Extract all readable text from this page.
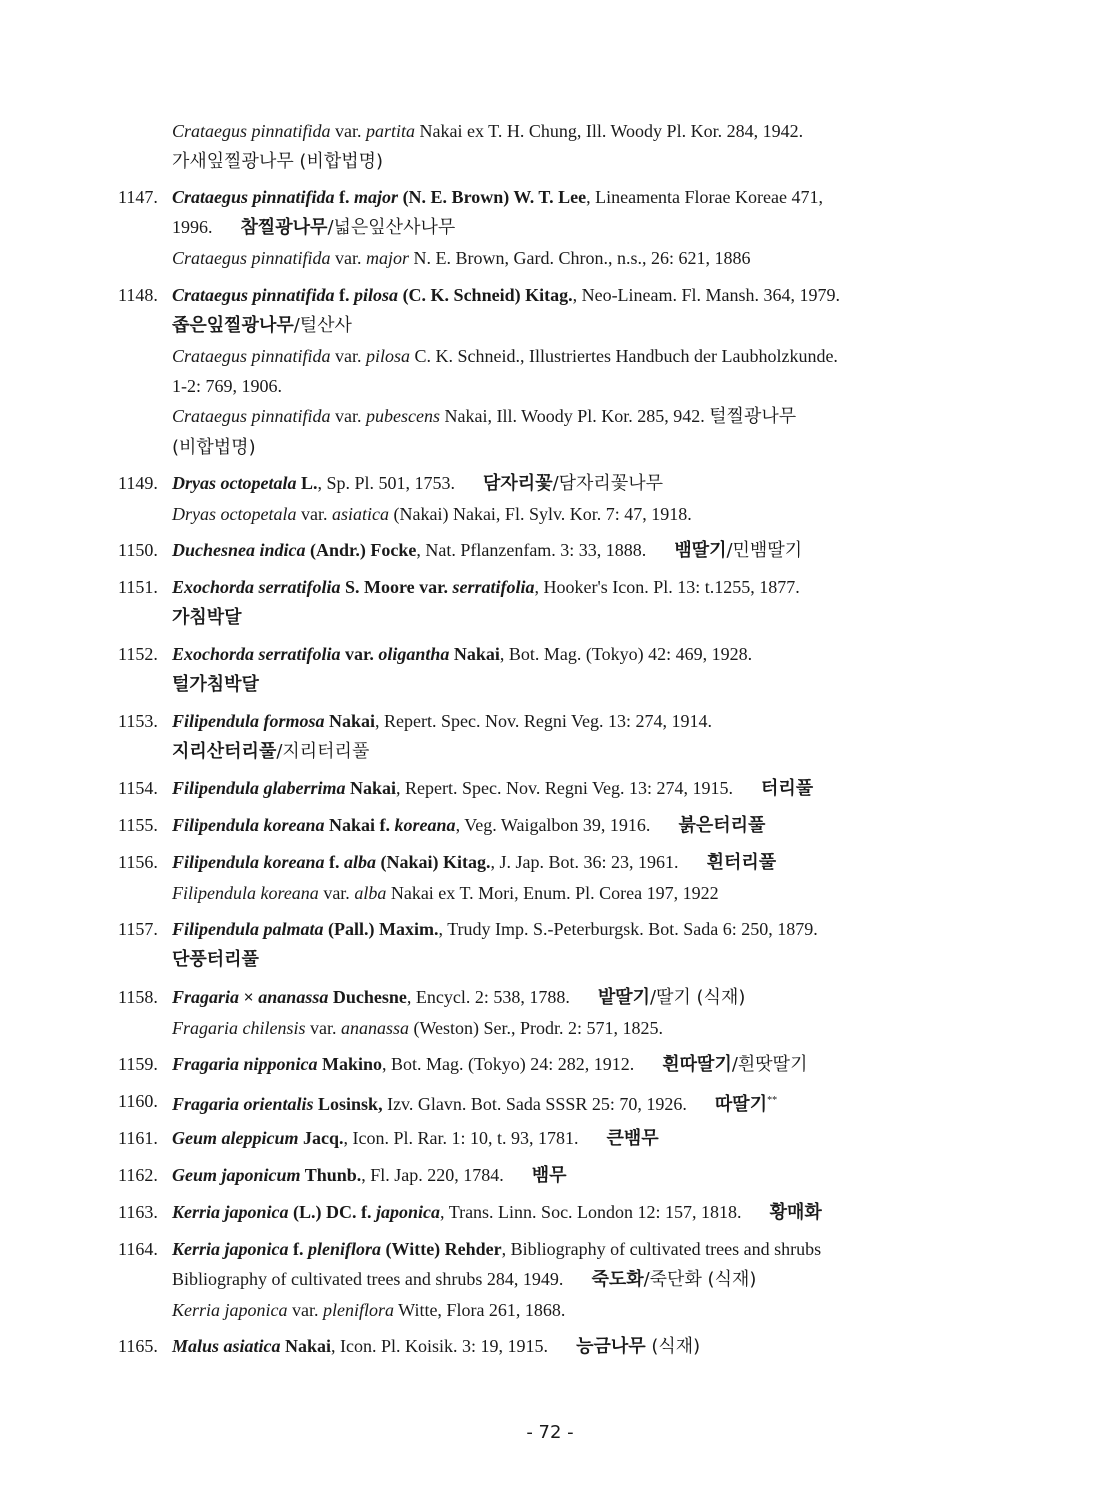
Crataegus pinnatifida var. partita Nakai ex T. H. Chung, Ill. Woody Pl. Kor. 284, 1942.
가새잎찔광나무 (비합법명)
1147. Crataegus pinnatifida f. major (N. E. Brown) W. T. Lee, Lineamenta Florae Koreae 471,
1996. 참찔광나무/넓은잎산사나무
Crataegus pinnatifida var. major N. E. Brown, Gard. Chron., n.s., 26: 621, 1886
1148. Crataegus pinnatifida f. pilosa (C. K. Schneid) Kitag., Neo-Lineam. Fl. Mansh. 364, 1979.
좁은잎찔광나무/털산사
Crataegus pinnatifida var. pilosa C. K. Schneid., Illustriertes Handbuch der Laubholzkunde.
1-2: 769, 1906.
Crataegus pinnatifida var. pubescens Nakai, Ill. Woody Pl. Kor. 285, 942. 털찔광나무
(비합법명)
1149. Dryas octopetala L., Sp. Pl. 501, 1753. 담자리꽃/담자리꽃나무
Dryas octopetala var. asiatica (Nakai) Nakai, Fl. Sylv. Kor. 7: 47, 1918.
1150. Duchesnea indica (Andr.) Focke, Nat. Pflanzenfam. 3: 33, 1888. 뱀딸기/민뱀딸기
1151. Exochorda serratifolia S. Moore var. serratifolia, Hooker's Icon. Pl. 13: t.1255, 1877.
가침박달
1152. Exochorda serratifolia var. oligantha Nakai, Bot. Mag. (Tokyo) 42: 469, 1928.
털가침박달
1153. Filipendula formosa Nakai, Repert. Spec. Nov. Regni Veg. 13: 274, 1914.
지리산터리풀/지리터리풀
1154. Filipendula glaberrima Nakai, Repert. Spec. Nov. Regni Veg. 13: 274, 1915. 터리풀
1155. Filipendula koreana Nakai f. koreana, Veg. Waigalbon 39, 1916. 붉은터리풀
1156. Filipendula koreana f. alba (Nakai) Kitag., J. Jap. Bot. 36: 23, 1961. 흰터리풀
Filipendula koreana var. alba Nakai ex T. Mori, Enum. Pl. Corea 197, 1922
1157. Filipendula palmata (Pall.) Maxim., Trudy Imp. S.-Peterburgsk. Bot. Sada 6: 250, 1879.
단풍터리풀
1158. Fragaria × ananassa Duchesne, Encycl. 2: 538, 1788. 밭딸기/딸기 (식재)
Fragaria chilensis var. ananassa (Weston) Ser., Prodr. 2: 571, 1825.
1159. Fragaria nipponica Makino, Bot. Mag. (Tokyo) 24: 282, 1912. 흰따딸기/흰땃딸기
1160. Fragaria orientalis Losinsk, Izv. Glavn. Bot. Sada SSSR 25: 70, 1926. 따딸기**
1161. Geum aleppicum Jacq., Icon. Pl. Rar. 1: 10, t. 93, 1781. 큰뱀무
1162. Geum japonicum Thunb., Fl. Jap. 220, 1784. 뱀무
1163. Kerria japonica (L.) DC. f. japonica, Trans. Linn. Soc. London 12: 157, 1818. 황매화
1164. Kerria japonica f. pleniflora (Witte) Rehder, Bibliography of cultivated trees and shrubs
Bibliography of cultivated trees and shrubs 284, 1949. 죽도화/죽단화 (식재)
Kerria japonica var. pleniflora Witte, Flora 261, 1868.
1165. Malus asiatica Nakai, Icon. Pl. Koisik. 3: 19, 1915. 능금나무 (식재)
- 72 -
